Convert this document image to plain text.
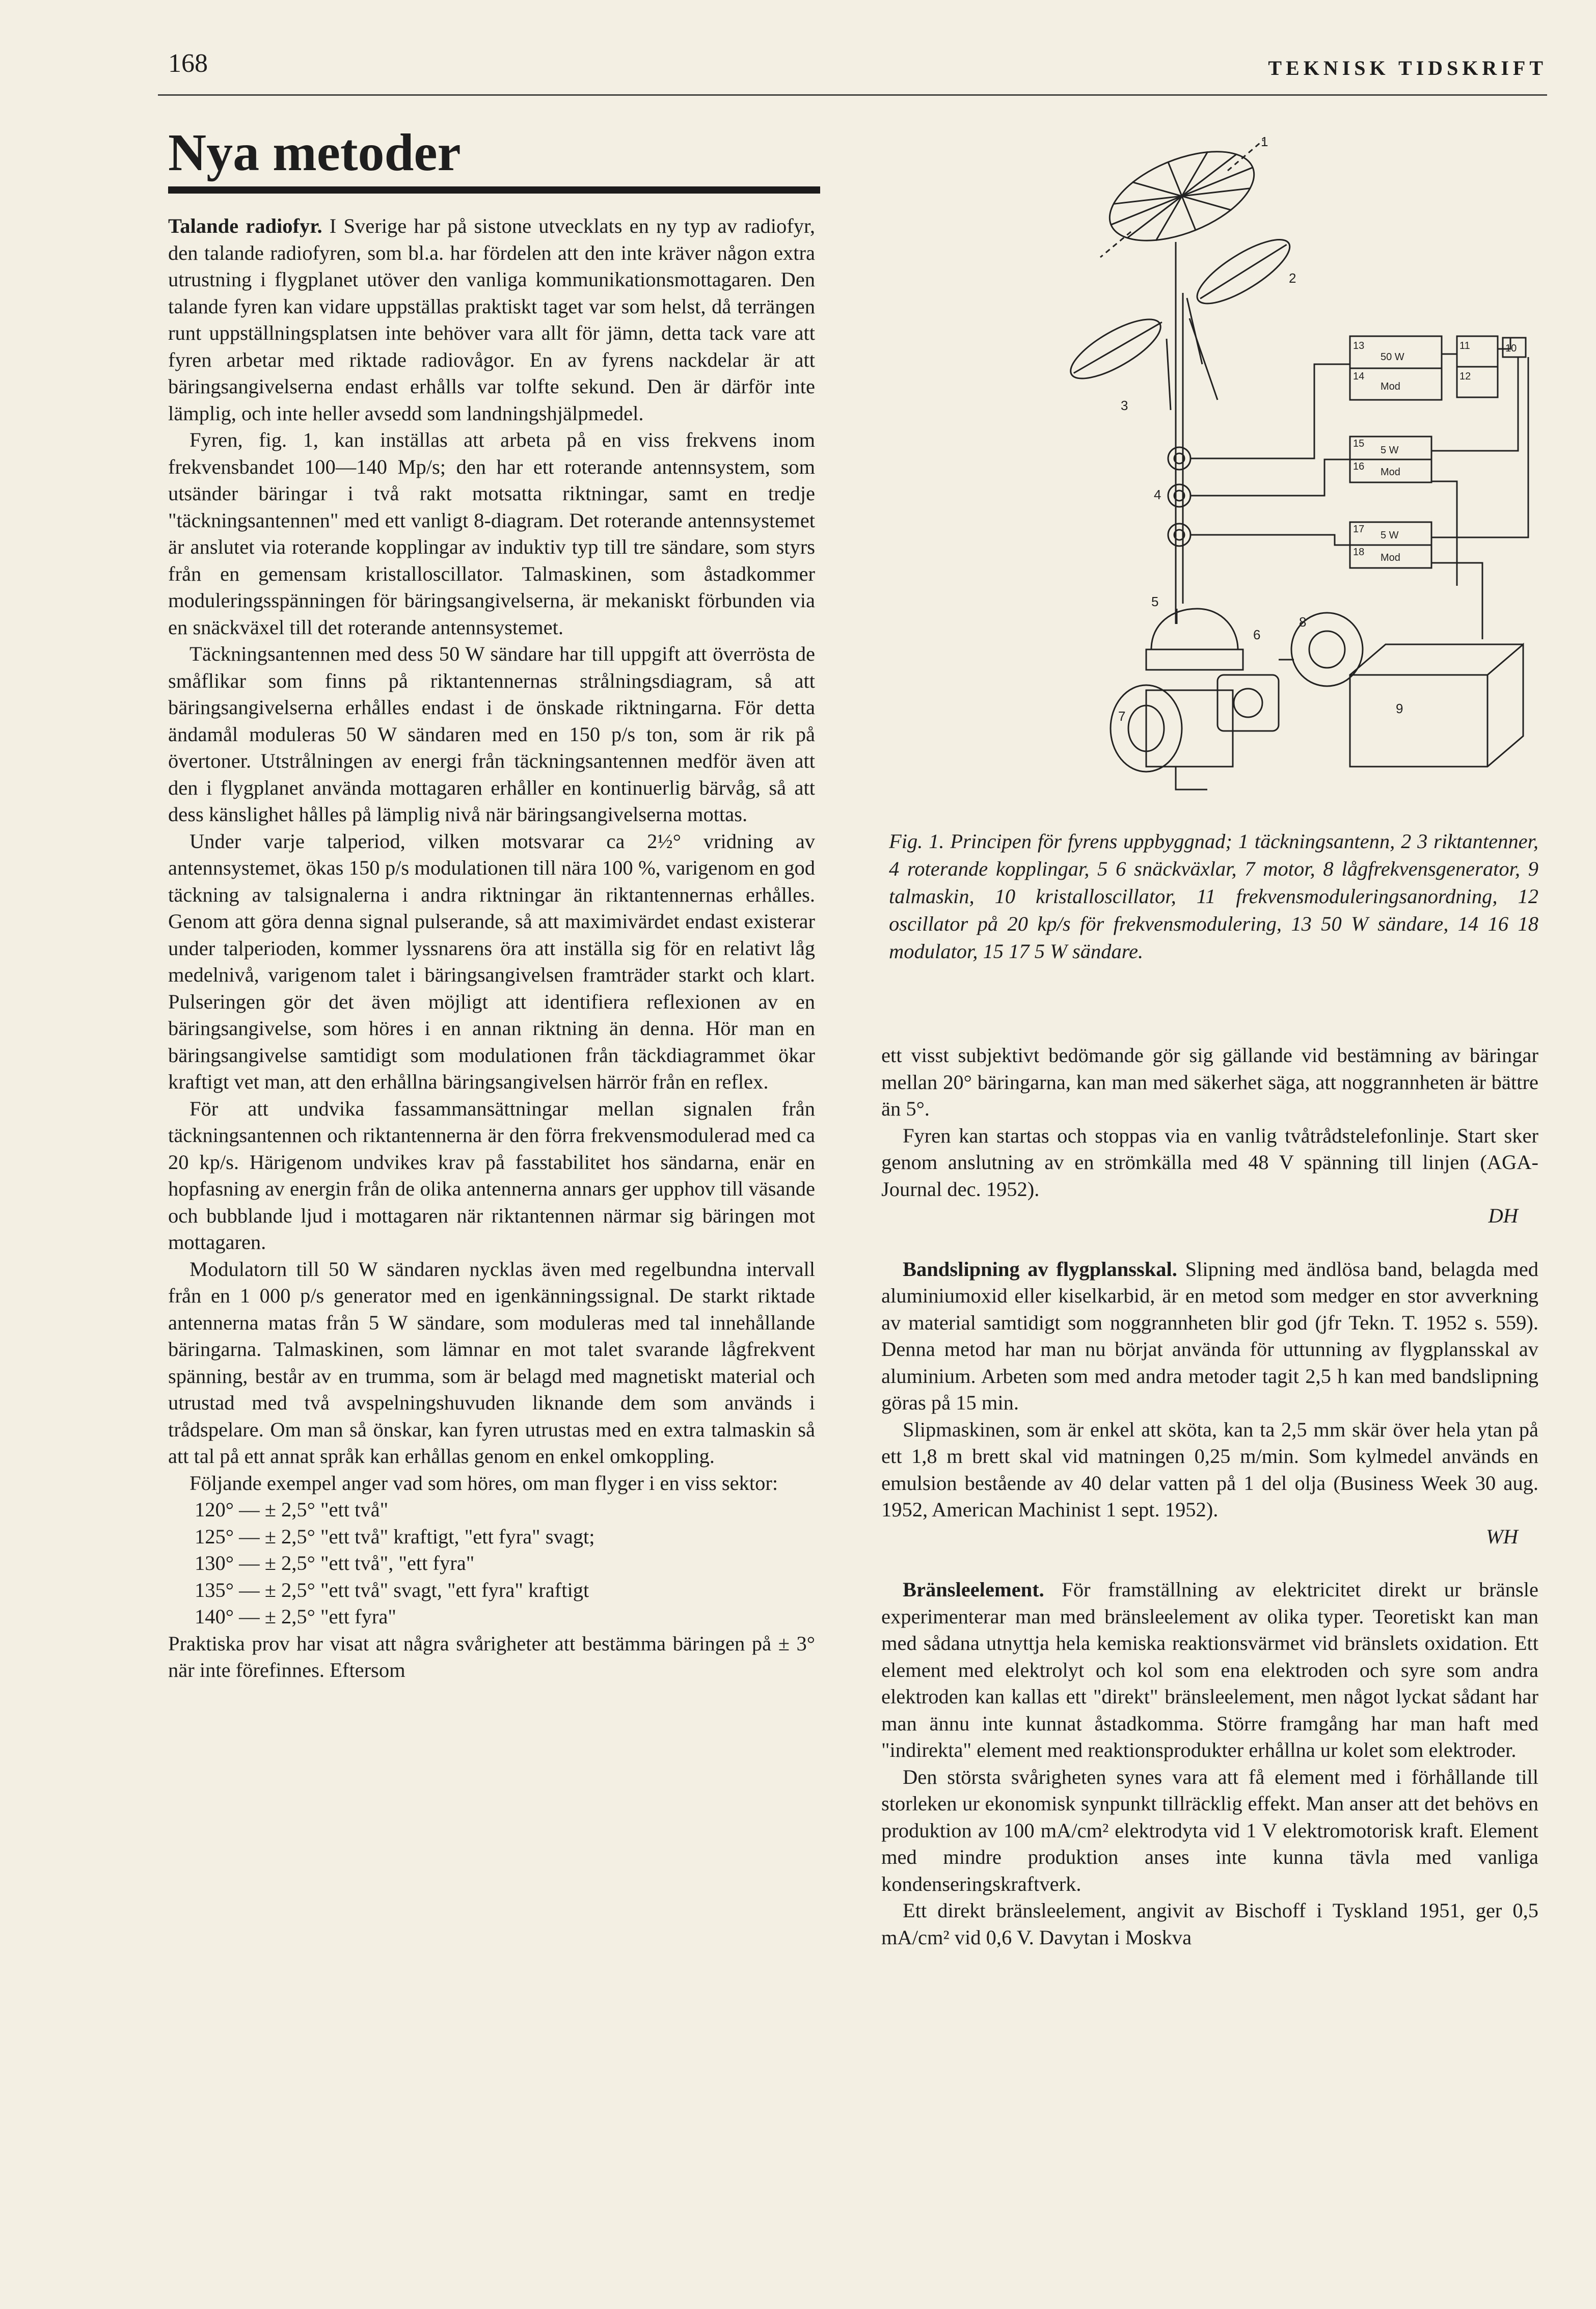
168	TEKNISK TIDSKRIFT
Nya metoder

Talande radiofyr. I Sverige har på sistone utvecklats en ny typ av radiofyr, den talande radiofyren, som bl.a. har fördelen att den inte kräver någon extra utrustning i flygplanet utöver den vanliga kommunikationsmottagaren. Den talande fyren kan vidare uppställas praktiskt taget var som helst, då terrängen runt uppställningsplatsen inte behöver vara allt för jämn, detta tack vare att fyren arbetar med riktade radiovågor. En av fyrens nackdelar är att bäringsangivelserna endast erhålls var tolfte sekund. Den är därför inte lämplig, och inte heller avsedd som landningshjälpmedel.

Fyren, fig. 1, kan inställas att arbeta på en viss frekvens inom frekvensbandet 100—140 Mp/s; den har ett roterande antennsystem, som utsänder bäringar i två rakt motsatta riktningar, samt en tredje "täckningsantennen" med ett vanligt 8-diagram. Det roterande antennsystemet är anslutet via roterande kopplingar av induktiv typ till tre sändare, som styrs från en gemensam kristalloscillator. Talmaskinen, som åstadkommer moduleringsspänningen för bäringsangivelserna, är mekaniskt förbunden via en snäckväxel till det roterande antennsystemet.

Täckningsantennen med dess 50 W sändare har till uppgift att överrösta de småflikar som finns på riktantennernas strålningsdiagram, så att bäringsangivelserna erhålles endast i de önskade riktningarna. För detta ändamål moduleras 50 W sändaren med en 150 p/s ton, som är rik på övertoner. Utstrålningen av energi från täckningsantennen medför även att den i flygplanet använda mottagaren erhåller en kontinuerlig bärvåg, så att dess känslighet hålles på lämplig nivå när bäringsangivelserna mottas.

Under varje talperiod, vilken motsvarar ca 2½° vridning av antennsystemet, ökas 150 p/s modulationen till nära 100 %, varigenom en god täckning av talsignalerna i andra riktningar än riktantennernas erhålles. Genom att göra denna signal pulserande, så att maximivärdet endast existerar under talperioden, kommer lyssnarens öra att inställa sig för en relativt låg medelnivå, varigenom talet i bäringsangivelsen framträder starkt och klart. Pulseringen gör det även möjligt att identifiera reflexionen av en bäringsangivelse, som höres i en annan riktning än denna. Hör man en bäringsangivelse samtidigt som modulationen från täckdiagrammet ökar kraftigt vet man, att den erhållna bäringsangivelsen härrör från en reflex.

För att undvika fassammansättningar mellan signalen från täckningsantennen och riktantennerna är den förra frekvensmodulerad med ca 20 kp/s. Härigenom undvikes krav på fasstabilitet hos sändarna, enär en hopfasning av energin från de olika antennerna annars ger upphov till väsande och bubblande ljud i mottagaren när riktantennen närmar sig bäringen mot mottagaren.

Modulatorn till 50 W sändaren nycklas även med regelbundna intervall från en 1 000 p/s generator med en igenkänningssignal. De starkt riktade antennerna matas från 5 W sändare, som moduleras med tal innehållande bäringarna. Talmaskinen, som lämnar en mot talet svarande lågfrekvent spänning, består av en trumma, som är belagd med magnetiskt material och utrustad med två avspelningshuvuden liknande dem som används i trådspelare. Om man så önskar, kan fyren utrustas med en extra talmaskin så att tal på ett annat språk kan erhållas genom en enkel omkoppling.

Följande exempel anger vad som höres, om man flyger i en viss sektor:

120° — ± 2,5° "ett två"

125° — ± 2,5° "ett två" kraftigt, "ett fyra" svagt;

130° — ± 2,5° "ett två", "ett fyra"

135° — ± 2,5° "ett två" svagt, "ett fyra" kraftigt

140° — ± 2,5° "ett fyra"

Praktiska prov har visat att några svårigheter att bestämma bäringen på ± 3° när inte förefinnes. Eftersom

1
2
3
4
5
6
7
8
9
10
11
12
13
14
15
16
17
18
50 W
Mod
5 W
Mod
5 W
Mod

Fig. 1. Principen för fyrens uppbyggnad; 1 täckningsantenn, 2 3 riktantenner, 4 roterande kopplingar, 5 6 snäckväxlar, 7 motor, 8 lågfrekvensgenerator, 9 talmaskin, 10 kristalloscillator, 11 frekvensmoduleringsanordning, 12 oscillator på 20 kp/s för frekvensmodulering, 13 50 W sändare, 14 16 18 modulator, 15 17 5 W sändare.

ett visst subjektivt bedömande gör sig gällande vid bestämning av bäringar mellan 20° bäringarna, kan man med säkerhet säga, att noggrannheten är bättre än 5°.

Fyren kan startas och stoppas via en vanlig tvåtrådstelefonlinje. Start sker genom anslutning av en strömkälla med 48 V spänning till linjen (AGA-Journal dec. 1952).

DH

Bandslipning av flygplansskal. Slipning med ändlösa band, belagda med aluminiumoxid eller kiselkarbid, är en metod som medger en stor avverkning av material samtidigt som noggrannheten blir god (jfr Tekn. T. 1952 s. 559). Denna metod har man nu börjat använda för uttunning av flygplansskal av aluminium. Arbeten som med andra metoder tagit 2,5 h kan med bandslipning göras på 15 min.

Slipmaskinen, som är enkel att sköta, kan ta 2,5 mm skär över hela ytan på ett 1,8 m brett skal vid matningen 0,25 m/min. Som kylmedel används en emulsion bestående av 40 delar vatten på 1 del olja (Business Week 30 aug. 1952, American Machinist 1 sept. 1952).

WH

Bränsleelement. För framställning av elektricitet direkt ur bränsle experimenterar man med bränsleelement av olika typer. Teoretiskt kan man med sådana utnyttja hela kemiska reaktionsvärmet vid bränslets oxidation. Ett element med elektrolyt och kol som ena elektroden och syre som andra elektroden kan kallas ett "direkt" bränsleelement, men något lyckat sådant har man ännu inte kunnat åstadkomma. Större framgång har man haft med "indirekta" element med reaktionsprodukter erhållna ur kolet som elektroder.

Den största svårigheten synes vara att få element med i förhållande till storleken ur ekonomisk synpunkt tillräcklig effekt. Man anser att det behövs en produktion av 100 mA/cm² elektrodyta vid 1 V elektromotorisk kraft. Element med mindre produktion anses inte kunna tävla med vanliga kondenseringskraftverk.

Ett direkt bränsleelement, angivit av Bischoff i Tyskland 1951, ger 0,5 mA/cm² vid 0,6 V. Davytan i Moskva
